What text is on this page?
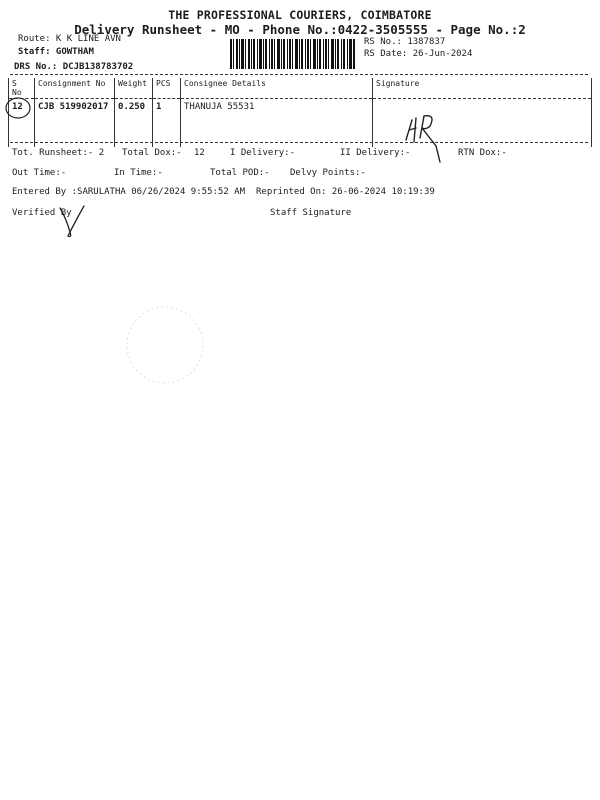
THE PROFESSIONAL COURIERS, COIMBATORE
Delivery Runsheet - MO - Phone No.:0422-3505555 - Page No.:2
Route: K K LINE AVN
Staff: GOWTHAM
DRS No.: DCJB138783702
RS No.: 1387837
RS Date: 26-Jun-2024
S No	Consignment No	Weight	PCS	Consignee Details	Signature
12	CJB 519902017	0.250	1	THANUJA 55531	
Tot. Runsheet:- 2 Total Dox:- 12	I Delivery:-	II Delivery:-	RTN Dox:-
Out Time:-	In Time:-	Total POD:- Delvy Points:-
Entered By :SARULATHA 06/26/2024 9:55:52 AM Reprinted On: 26-06-2024 10:19:39
Verified By	Staff Signature
